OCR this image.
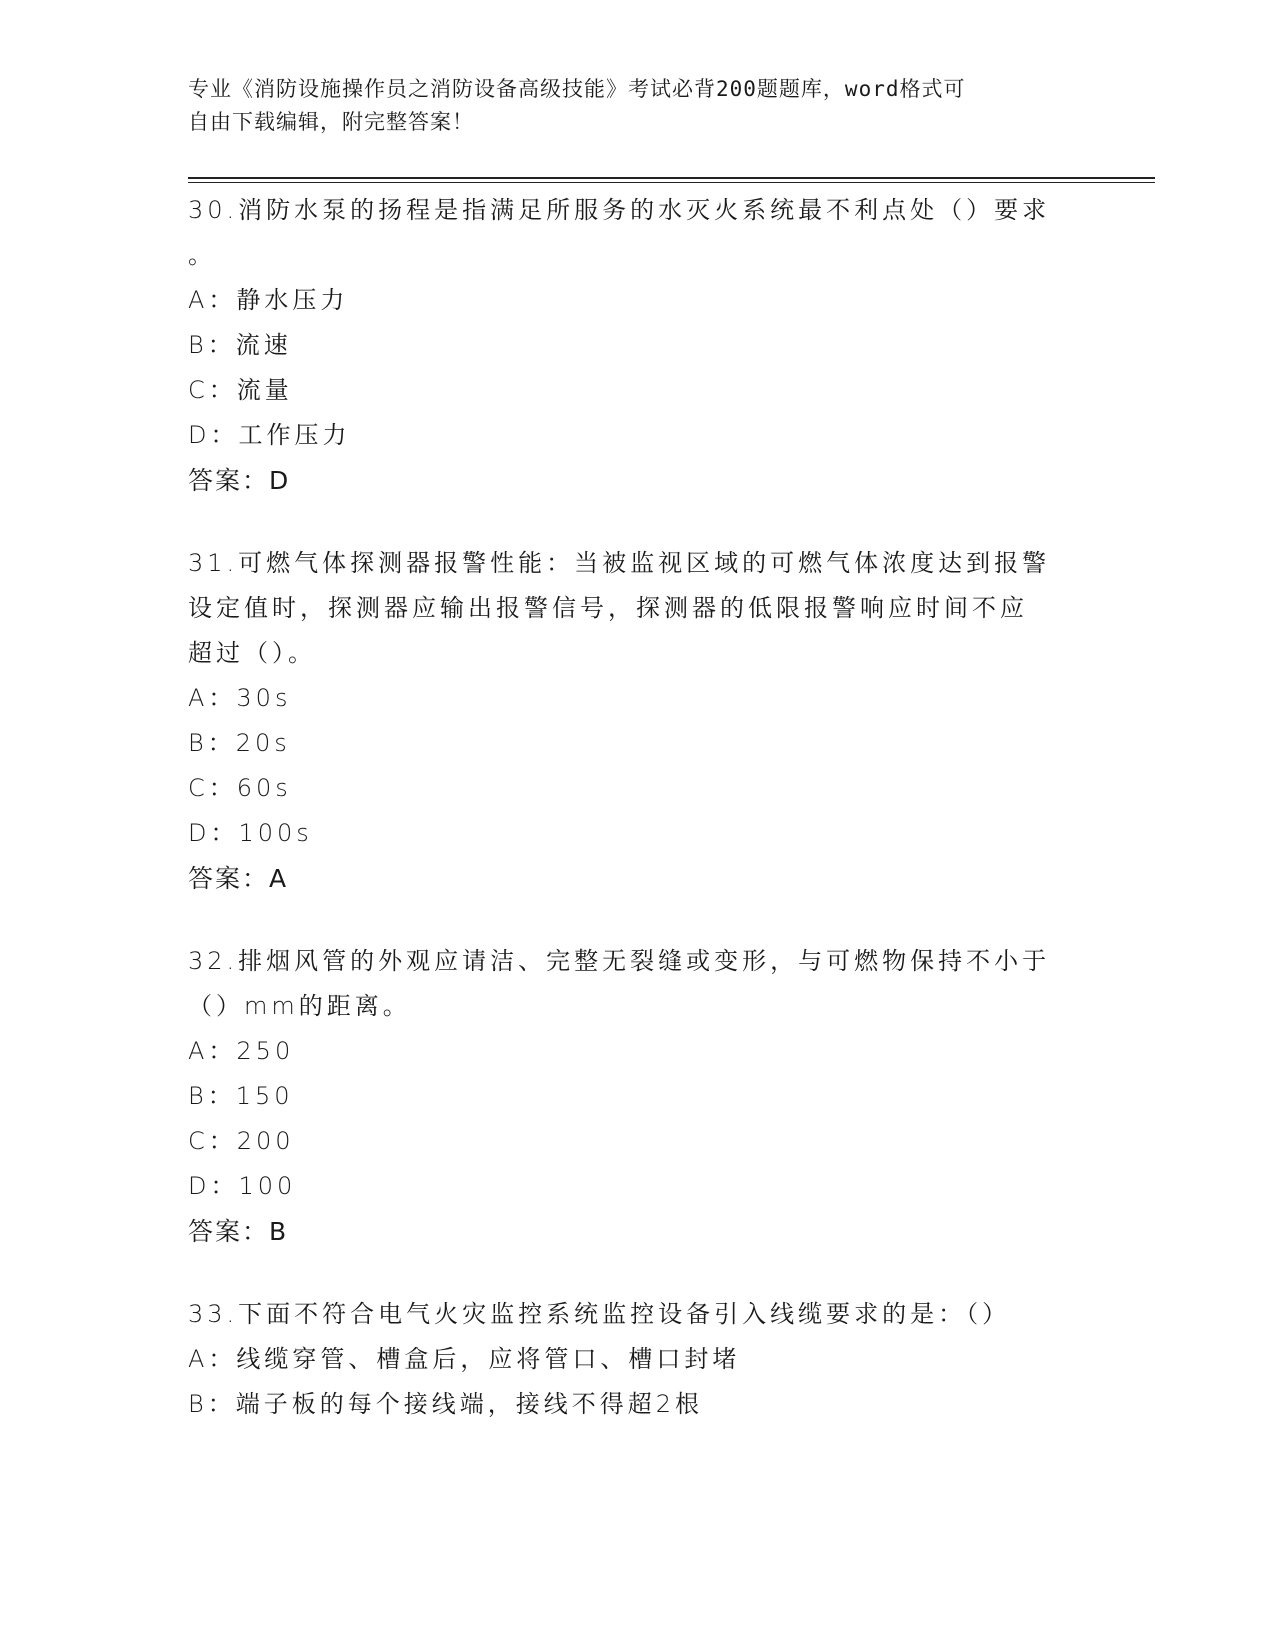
专业《消防设施操作员之消防设备高级技能》考试必背200题题库，word格式可
自由下载编辑，附完整答案！

30.消防水泵的扬程是指满足所服务的水灭火系统最不利点处（）要求

。

A：静水压力

B：流速

C：流量

D：工作压力

答案：D

31.可燃气体探测器报警性能：当被监视区域的可燃气体浓度达到报警

设定值时，探测器应输出报警信号，探测器的低限报警响应时间不应

超过（）。

A：30s

B：20s

C：60s

D：100s

答案：A

32.排烟风管的外观应请洁、完整无裂缝或变形，与可燃物保持不小于

（）mm的距离。

A：250

B：150

C：200

D：100

答案：B

33.下面不符合电气火灾监控系统监控设备引入线缆要求的是：（）

A：线缆穿管、槽盒后，应将管口、槽口封堵

B：端子板的每个接线端，接线不得超2根
